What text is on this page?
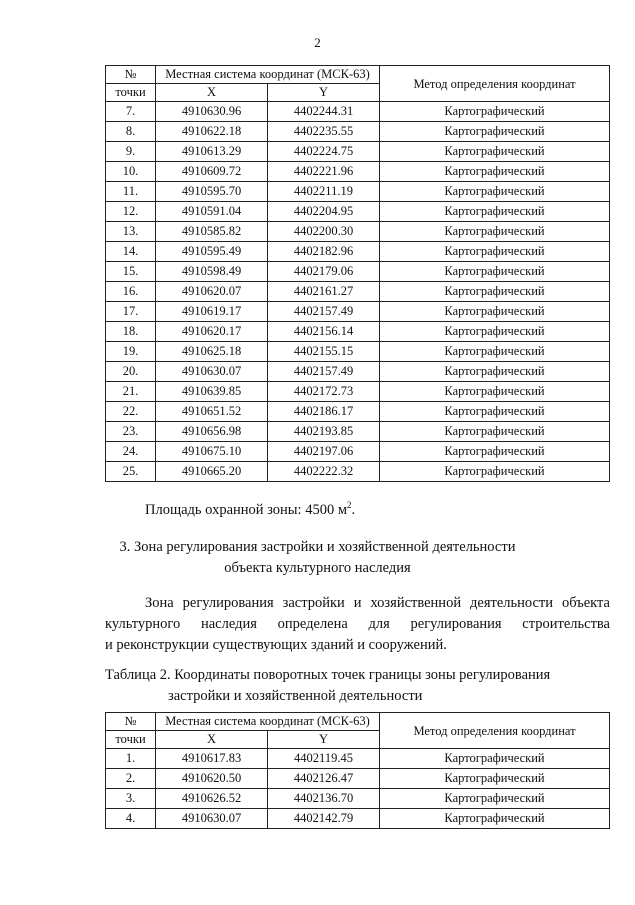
2
№	Местная система координат (МСК-63)		Метод определения координат
точки	X	Y	
7.	4910630.96	4402244.31	Картографический
8.	4910622.18	4402235.55	Картографический
9.	4910613.29	4402224.75	Картографический
10.	4910609.72	4402221.96	Картографический
11.	4910595.70	4402211.19	Картографический
12.	4910591.04	4402204.95	Картографический
13.	4910585.82	4402200.30	Картографический
14.	4910595.49	4402182.96	Картографический
15.	4910598.49	4402179.06	Картографический
16.	4910620.07	4402161.27	Картографический
17.	4910619.17	4402157.49	Картографический
18.	4910620.17	4402156.14	Картографический
19.	4910625.18	4402155.15	Картографический
20.	4910630.07	4402157.49	Картографический
21.	4910639.85	4402172.73	Картографический
22.	4910651.52	4402186.17	Картографический
23.	4910656.98	4402193.85	Картографический
24.	4910675.10	4402197.06	Картографический
25.	4910665.20	4402222.32	Картографический

Площадь охранной зоны: 4500 $м^2$.

3. Зона регулирования застройки и хозяйственной деятельности
объекта культурного наследия

Зона регулирования застройки и хозяйственной деятельности объекта
культурного наследия определена для регулирования строительства
и реконструкции существующих зданий и сооружений.

Таблица 2. Координаты поворотных точек границы зоны регулирования
застройки и хозяйственной деятельности

№	Местная система координат (МСК-63)		Метод определения координат
точки	X	Y	
1.	4910617.83	4402119.45	Картографический
2.	4910620.50	4402126.47	Картографический
3.	4910626.52	4402136.70	Картографический
4.	4910630.07	4402142.79	Картографический
